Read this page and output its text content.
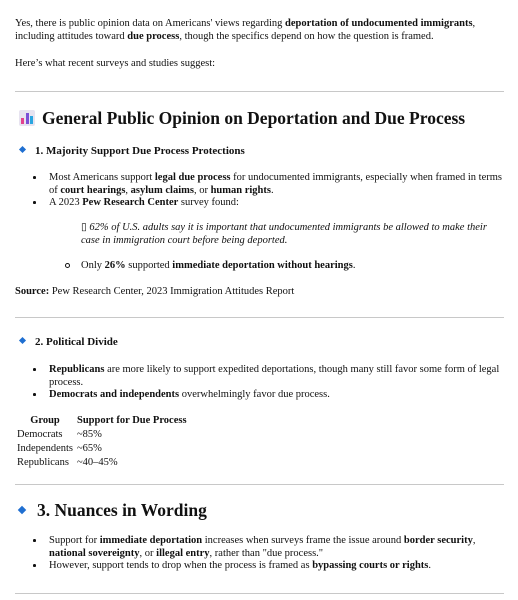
Yes, there is public opinion data on Americans' views regarding deportation of undocumented immigrants, including attitudes toward due process, though the specifics depend on how the question is framed.

Here’s what recent surveys and studies suggest:

General Public Opinion on Deportation and Due Process
1. Majority Support Due Process Protections

Most Americans support legal due process for undocumented immigrants, especially when framed in terms of court hearings, asylum claims, or human rights.

A 2023 Pew Research Center survey found:

▯ 62% of U.S. adults say it is important that undocumented immigrants be allowed to make their case in immigration court before being deported.

Only 26% supported immediate deportation without hearings.

Source: Pew Research Center, 2023 Immigration Attitudes Report

2. Political Divide

Republicans are more likely to support expedited deportations, though many still favor some form of legal process.

Democrats and independents overwhelmingly favor due process.

Group	Support for Due Process
Democrats	~85%
Independents	~65%
Republicans	~40–45%
3. Nuances in Wording

Support for immediate deportation increases when surveys frame the issue around border security, national sovereignty, or illegal entry, rather than "due process."

However, support tends to drop when the process is framed as bypassing courts or rights.
